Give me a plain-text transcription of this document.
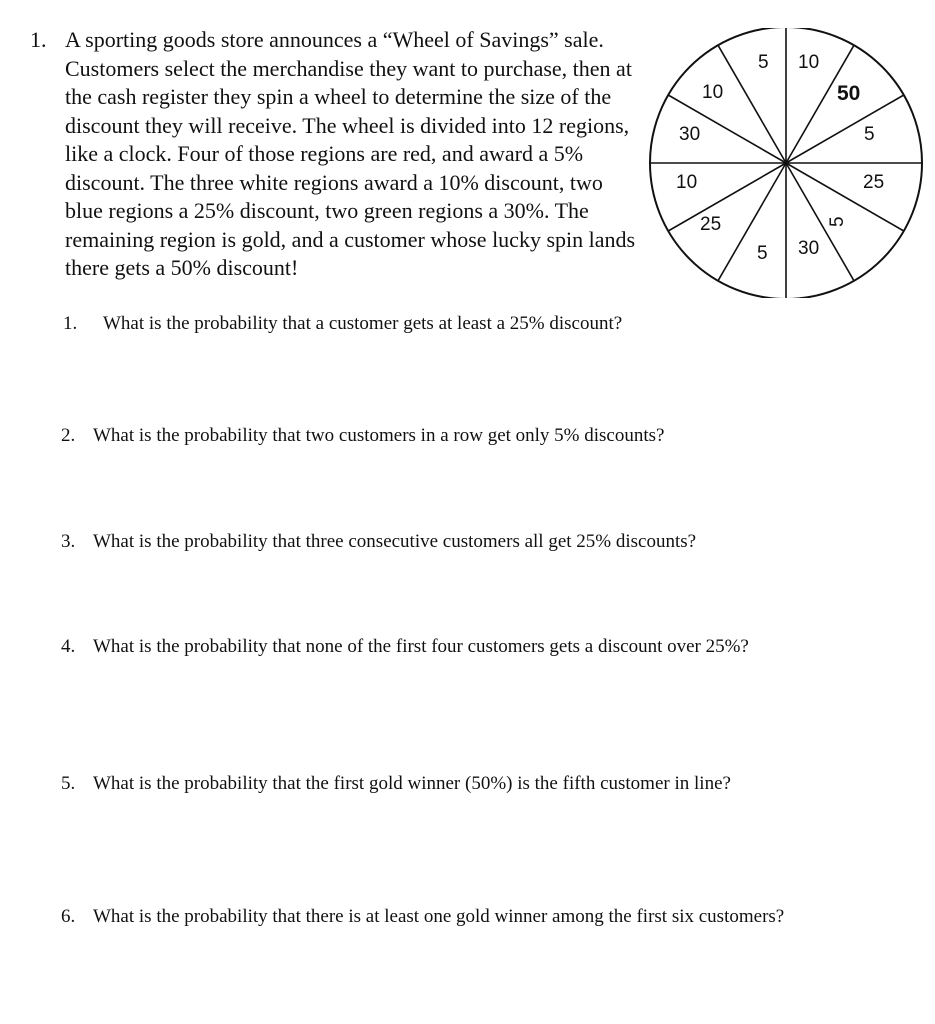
1. A sporting goods store announces a “Wheel of Savings” sale. Customers select the merchandise they want to purchase, then at the cash register they spin a wheel to determine the size of the discount they will receive. The wheel is divided into 12 regions, like a clock. Four of those regions are red, and award a 5% discount. The three white regions award a 10% discount, two blue regions a 25% discount, two green regions a 30%. The remaining region is gold, and a customer whose lucky spin lands there gets a 50% discount!
5 10
50
5
25
5
30
5
25
10
30
10
1. What is the probability that a customer gets at least a 25% discount?
2. What is the probability that two customers in a row get only 5% discounts?
3. What is the probability that three consecutive customers all get 25% discounts?
4. What is the probability that none of the first four customers gets a discount over 25%?
5. What is the probability that the first gold winner (50%) is the fifth customer in line?
6. What is the probability that there is at least one gold winner among the first six customers?
